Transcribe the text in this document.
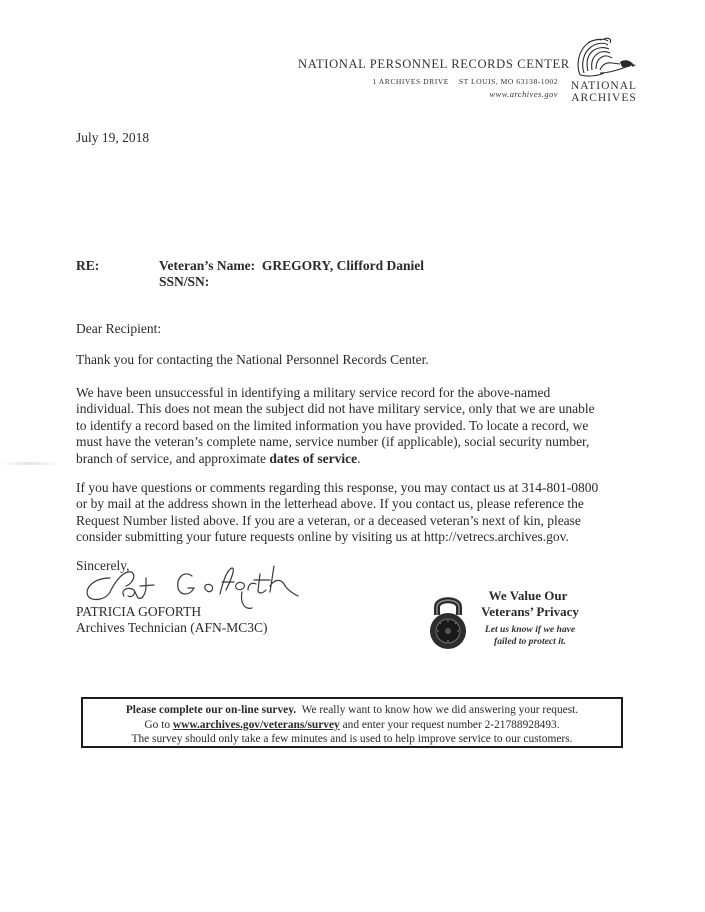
NATIONAL PERSONNEL RECORDS CENTER
1 ARCHIVES DRIVE ST LOUIS, MO 63138-1002
www.archives.gov
NATIONAL
ARCHIVES
July 19, 2018
RE:	Veteran’s Name: GREGORY, Clifford Daniel
SSN/SN:
Dear Recipient:
Thank you for contacting the National Personnel Records Center.
We have been unsuccessful in identifying a military service record for the above-named
individual. This does not mean the subject did not have military service, only that we are unable
to identify a record based on the limited information you have provided. To locate a record, we
must have the veteran’s complete name, service number (if applicable), social security number,
branch of service, and approximate dates of service.
If you have questions or comments regarding this response, you may contact us at 314-801-0800
or by mail at the address shown in the letterhead above. If you contact us, please reference the
Request Number listed above. If you are a veteran, or a deceased veteran’s next of kin, please
consider submitting your future requests online by visiting us at http://vetrecs.archives.gov.
Sincerely,
PATRICIA GOFORTH
Archives Technician (AFN-MC3C)
We Value Our
Veterans’ Privacy
Let us know if we have
failed to protect it.
Please complete our on-line survey.  We really want to know how we did answering your request.
Go to www.archives.gov/veterans/survey and enter your request number 2-21788928493.
The survey should only take a few minutes and is used to help improve service to our customers.
